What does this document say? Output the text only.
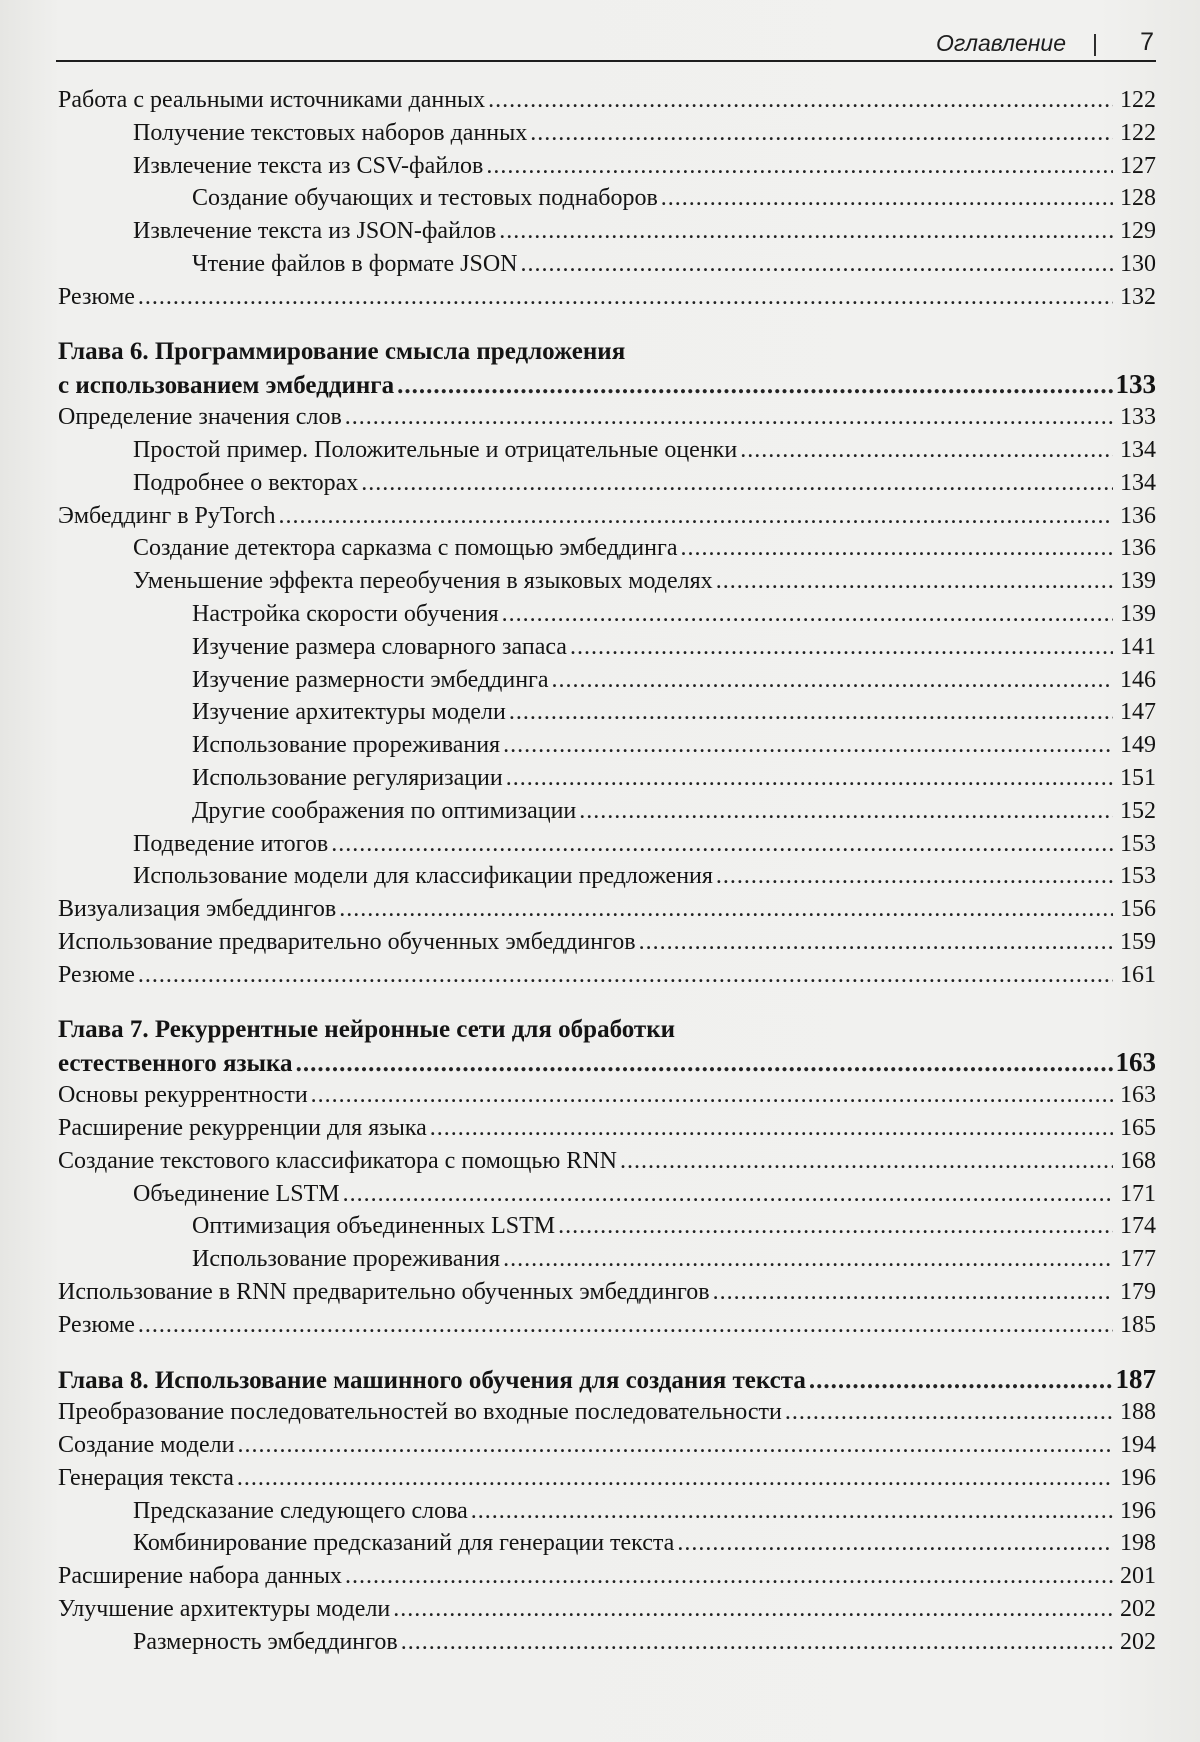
Оглавление | 7
Работа с реальными источниками данных .....	122
Получение текстовых наборов данных .....	122
Извлечение текста из CSV-файлов .....	127
Создание обучающих и тестовых поднаборов .....	128
Извлечение текста из JSON-файлов .....	129
Чтение файлов в формате JSON .....	130
Резюме .....	132
Глава 6. Программирование смысла предложения
с использованием эмбеддинга .....	133
Определение значения слов .....	133
Простой пример. Положительные и отрицательные оценки .....	134
Подробнее о векторах .....	134
Эмбеддинг в PyTorch .....	136
Создание детектора сарказма с помощью эмбеддинга .....	136
Уменьшение эффекта переобучения в языковых моделях .....	139
Настройка скорости обучения .....	139
Изучение размера словарного запаса .....	141
Изучение размерности эмбеддинга .....	146
Изучение архитектуры модели .....	147
Использование прореживания .....	149
Использование регуляризации .....	151
Другие соображения по оптимизации .....	152
Подведение итогов .....	153
Использование модели для классификации предложения .....	153
Визуализация эмбеддингов .....	156
Использование предварительно обученных эмбеддингов .....	159
Резюме .....	161
Глава 7. Рекуррентные нейронные сети для обработки
естественного языка .....	163
Основы рекуррентности .....	163
Расширение рекурренции для языка .....	165
Создание текстового классификатора с помощью RNN .....	168
Объединение LSTM .....	171
Оптимизация объединенных LSTM .....	174
Использование прореживания .....	177
Использование в RNN предварительно обученных эмбеддингов .....	179
Резюме .....	185
Глава 8. Использование машинного обучения для создания текста .....	187
Преобразование последовательностей во входные последовательности .....	188
Создание модели .....	194
Генерация текста .....	196
Предсказание следующего слова .....	196
Комбинирование предсказаний для генерации текста .....	198
Расширение набора данных .....	201
Улучшение архитектуры модели .....	202
Размерность эмбеддингов .....	202
